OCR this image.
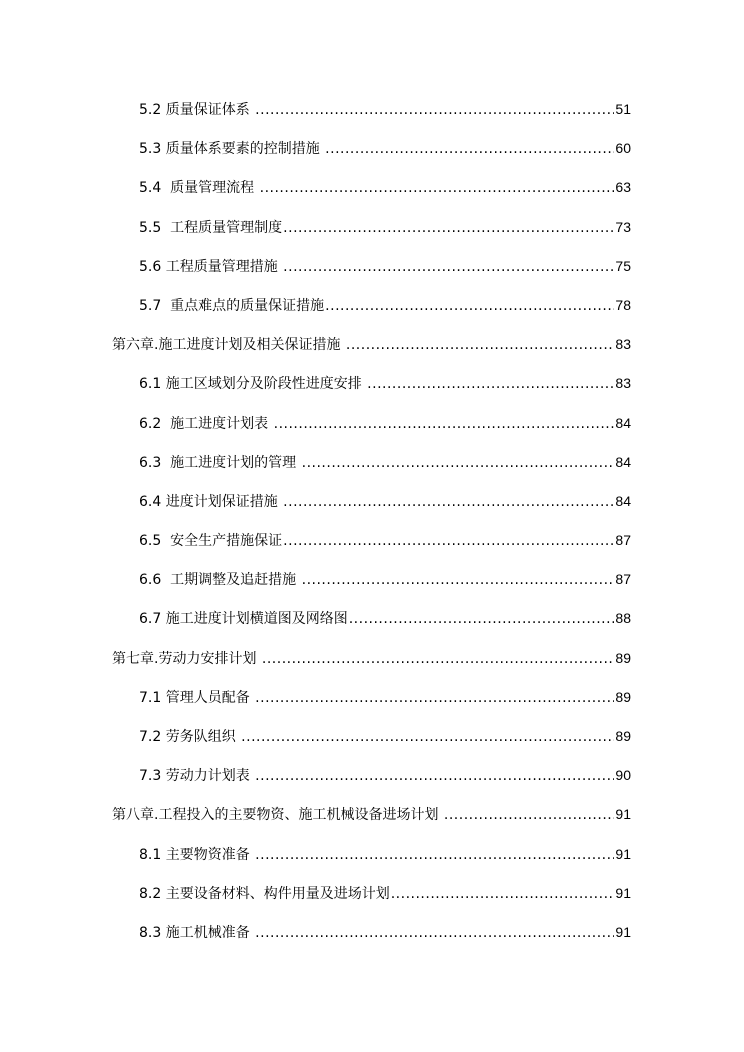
5.2 质量保证体系 .....	51
5.3 质量体系要素的控制措施 .....	60
5.4  质量管理流程 .....	63
5.5  工程质量管理制度 .....	73
5.6 工程质量管理措施 .....	75
5.7  重点难点的质量保证措施 .....	78
第六章.施工进度计划及相关保证措施 .....	83
6.1 施工区域划分及阶段性进度安排 .....	83
6.2  施工进度计划表 .....	84
6.3  施工进度计划的管理 .....	84
6.4 进度计划保证措施 .....	84
6.5  安全生产措施保证 .....	87
6.6  工期调整及追赶措施 .....	87
6.7 施工进度计划横道图及网络图 .....	88
第七章.劳动力安排计划 .....	89
7.1 管理人员配备 .....	89
7.2 劳务队组织 .....	89
7.3 劳动力计划表 .....	90
第八章.工程投入的主要物资、施工机械设备进场计划 .....	91
8.1 主要物资准备 .....	91
8.2 主要设备材料、构件用量及进场计划 .....	91
8.3 施工机械准备 .....	91
